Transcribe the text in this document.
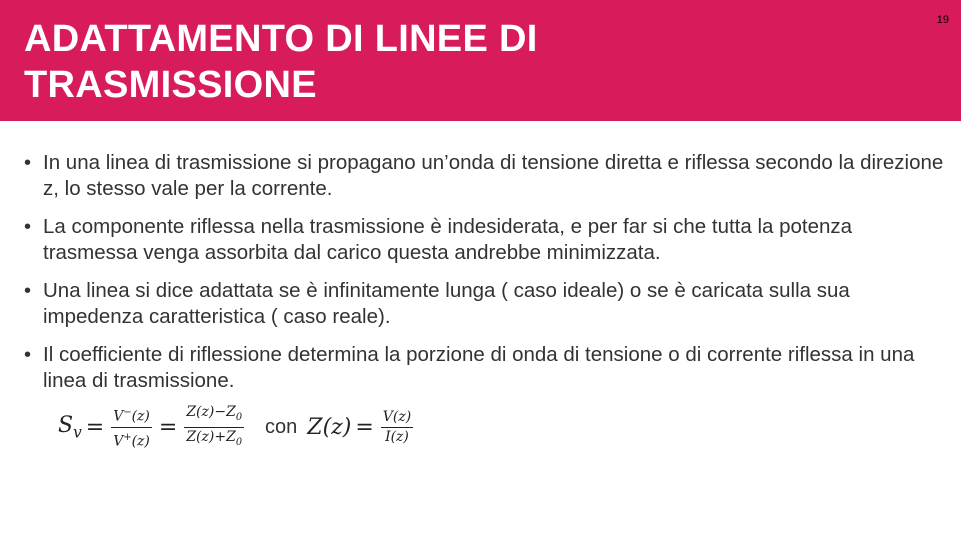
ADATTAMENTO DI LINEE DI
TRASMISSIONE
19
• In una linea di trasmissione si propagano un’onda di tensione diretta e riflessa secondo la direzione z, lo stesso vale per la corrente.
• La componente riflessa nella trasmissione è indesiderata, e per far si che tutta la potenza trasmessa venga assorbita dal carico questa andrebbe minimizzata.
• Una linea si dice adattata se è infinitamente lunga ( caso ideale) o se è caricata sulla sua impedenza caratteristica ( caso reale).
• Il coefficiente di riflessione determina la porzione di onda di tensione o di corrente riflessa in una linea di trasmissione.
$S_v = \frac{V^-(z)}{V^+(z)} = \frac{Z(z)-Z_0}{Z(z)+Z_0}$ con $Z(z) = \frac{V(z)}{I(z)}$
